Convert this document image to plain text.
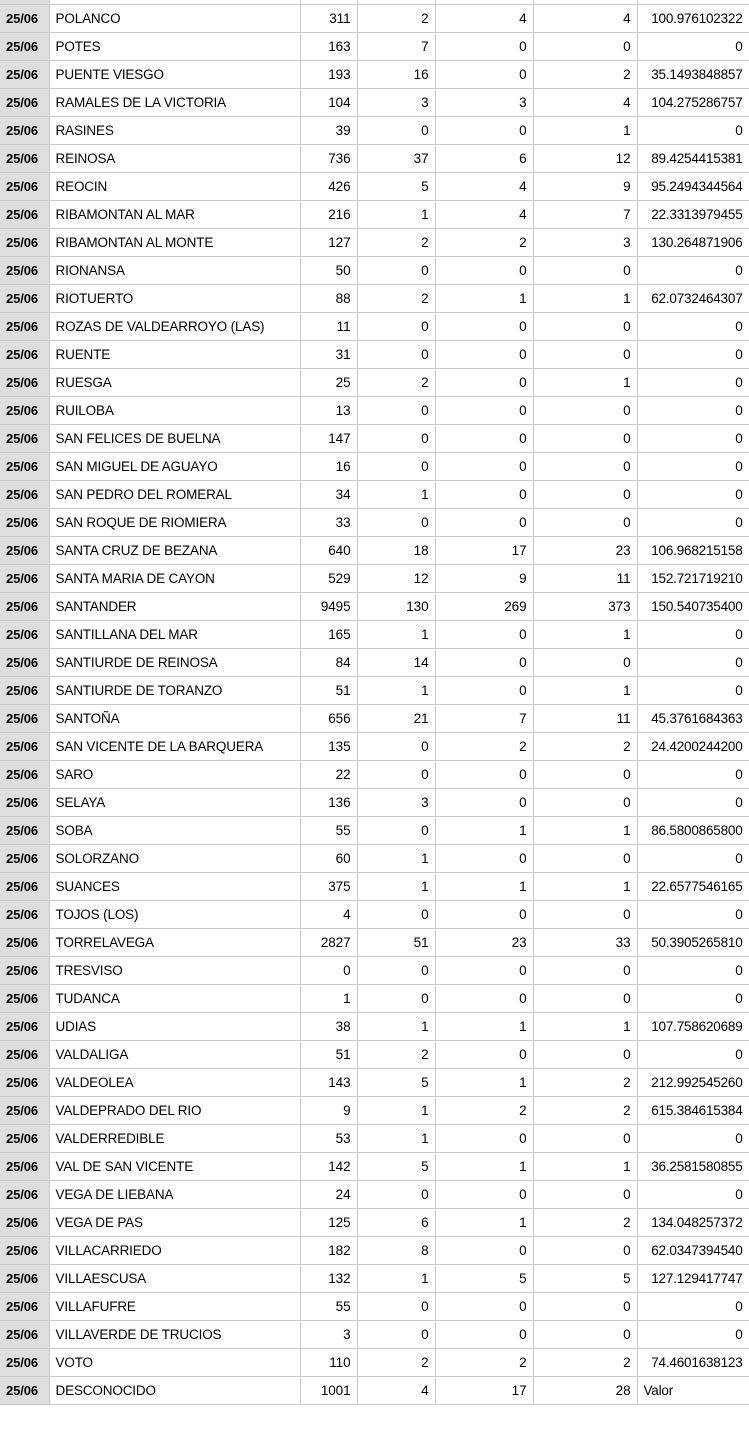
25/06	POLANCO	311	2	4	4	100.976102322
25/06	POTES	163	7	0	0	0
25/06	PUENTE VIESGO	193	16	0	2	35.1493848857
25/06	RAMALES DE LA VICTORIA	104	3	3	4	104.275286757
25/06	RASINES	39	0	0	1	0
25/06	REINOSA	736	37	6	12	89.4254415381
25/06	REOCIN	426	5	4	9	95.2494344564
25/06	RIBAMONTAN AL MAR	216	1	4	7	22.3313979455
25/06	RIBAMONTAN AL MONTE	127	2	2	3	130.264871906
25/06	RIONANSA	50	0	0	0	0
25/06	RIOTUERTO	88	2	1	1	62.0732464307
25/06	ROZAS DE VALDEARROYO (LAS)	11	0	0	0	0
25/06	RUENTE	31	0	0	0	0
25/06	RUESGA	25	2	0	1	0
25/06	RUILOBA	13	0	0	0	0
25/06	SAN FELICES DE BUELNA	147	0	0	0	0
25/06	SAN MIGUEL DE AGUAYO	16	0	0	0	0
25/06	SAN PEDRO DEL ROMERAL	34	1	0	0	0
25/06	SAN ROQUE DE RIOMIERA	33	0	0	0	0
25/06	SANTA CRUZ DE BEZANA	640	18	17	23	106.968215158
25/06	SANTA MARIA DE CAYON	529	12	9	11	152.721719210
25/06	SANTANDER	9495	130	269	373	150.540735400
25/06	SANTILLANA DEL MAR	165	1	0	1	0
25/06	SANTIURDE DE REINOSA	84	14	0	0	0
25/06	SANTIURDE DE TORANZO	51	1	0	1	0
25/06	SANTOÑA	656	21	7	11	45.3761684363
25/06	SAN VICENTE DE LA BARQUERA	135	0	2	2	24.4200244200
25/06	SARO	22	0	0	0	0
25/06	SELAYA	136	3	0	0	0
25/06	SOBA	55	0	1	1	86.5800865800
25/06	SOLORZANO	60	1	0	0	0
25/06	SUANCES	375	1	1	1	22.6577546165
25/06	TOJOS (LOS)	4	0	0	0	0
25/06	TORRELAVEGA	2827	51	23	33	50.3905265810
25/06	TRESVISO	0	0	0	0	0
25/06	TUDANCA	1	0	0	0	0
25/06	UDIAS	38	1	1	1	107.758620689
25/06	VALDALIGA	51	2	0	0	0
25/06	VALDEOLEA	143	5	1	2	212.992545260
25/06	VALDEPRADO DEL RIO	9	1	2	2	615.384615384
25/06	VALDERREDIBLE	53	1	0	0	0
25/06	VAL DE SAN VICENTE	142	5	1	1	36.2581580855
25/06	VEGA DE LIEBANA	24	0	0	0	0
25/06	VEGA DE PAS	125	6	1	2	134.048257372
25/06	VILLACARRIEDO	182	8	0	0	62.0347394540
25/06	VILLAESCUSA	132	1	5	5	127.129417747
25/06	VILLAFUFRE	55	0	0	0	0
25/06	VILLAVERDE DE TRUCIOS	3	0	0	0	0
25/06	VOTO	110	2	2	2	74.4601638123
25/06	DESCONOCIDO	1001	4	17	28	Valor
